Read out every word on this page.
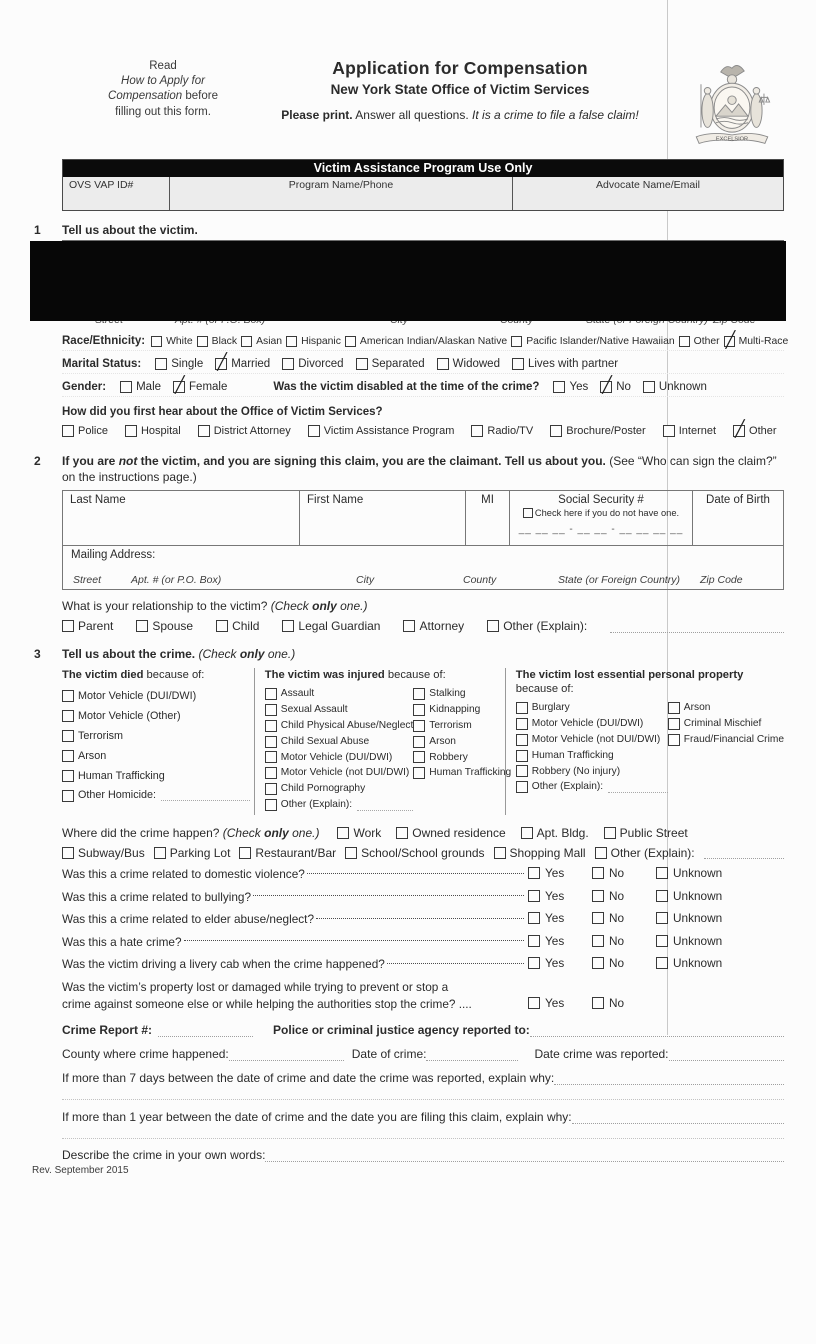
Read
How to Apply for
Compensation before
filling out this form.
Application for Compensation
New York State Office of Victim Services
Please print. Answer all questions. It is a crime to file a false claim!
EXCELSIOR
Victim Assistance Program Use Only
OVS VAP ID#	Program Name/Phone	Advocate Name/Email
1 Tell us about the victim.
Race/Ethnicity: White Black Asian Hispanic American Indian/Alaskan Native Pacific Islander/Native Hawaiian Other ╱ Multi-Race
Marital Status:	Single ╱ Married Divorced Separated Widowed Lives with partner
Gender:	Male ╱ Female	Was the victim disabled at the time of the crime?	Yes ╱ No Unknown
How did you first hear about the Office of Victim Services?
Police	Hospital	District Attorney	Victim Assistance Program	Radio/TV	Brochure/Poster	Internet ╱	Other
2 If you are not the victim, and you are signing this claim, you are the claimant. Tell us about you. (See “Who can sign the claim?” on the instructions page.)
Last Name	First Name	MI	Social Security #
Check here if you do not have one.
__ __ __ - __ __ - __ __ __ __
Date of Birth
Mailing Address:
Street	Apt. # (or P.O. Box)	City	County	State (or Foreign Country) Zip Code
What is your relationship to the victim? (Check only one.)
Parent	Spouse	Child	Legal Guardian	Attorney	Other (Explain):
3 Tell us about the crime. (Check only one.)
The victim died because of:
Motor Vehicle (DUI/DWI)
Motor Vehicle (Other)
Terrorism
Arson
Human Trafficking
Other Homicide:
The victim was injured because of:
Assault
Sexual Assault
Child Physical Abuse/Neglect
Child Sexual Abuse
Motor Vehicle (DUI/DWI)
Motor Vehicle (not DUI/DWI)
Child Pornography
Other (Explain):
Stalking
Kidnapping
Terrorism
Arson
Robbery
Human Trafficking
The victim lost essential personal property
because of:
Burglary
Motor Vehicle (DUI/DWI)
Motor Vehicle (not DUI/DWI)
Human Trafficking
Robbery (No injury)
Other (Explain):
Arson
Criminal Mischief
Fraud/Financial Crime
Where did the crime happen? (Check only one.)	Work	Owned residence	Apt. Bldg.	Public Street
Subway/Bus Parking Lot Restaurant/Bar School/School grounds Shopping Mall Other (Explain):
Was this a crime related to domestic violence?	Yes	No	Unknown
Was this a crime related to bullying?	Yes	No	Unknown
Was this a crime related to elder abuse/neglect?	Yes	No	Unknown
Was this a hate crime?	Yes	No	Unknown
Was the victim driving a livery cab when the crime happened?	Yes	No	Unknown
Was the victim’s property lost or damaged while trying to prevent or stop a
crime against someone else or while helping the authorities stop the crime? ....	Yes	No
Crime Report #:	Police or criminal justice agency reported to:
County where crime happened:	Date of crime:	Date crime was reported:
If more than 7 days between the date of crime and date the crime was reported, explain why:
If more than 1 year between the date of crime and the date you are filing this claim, explain why:
Describe the crime in your own words:
Rev. September 2015
